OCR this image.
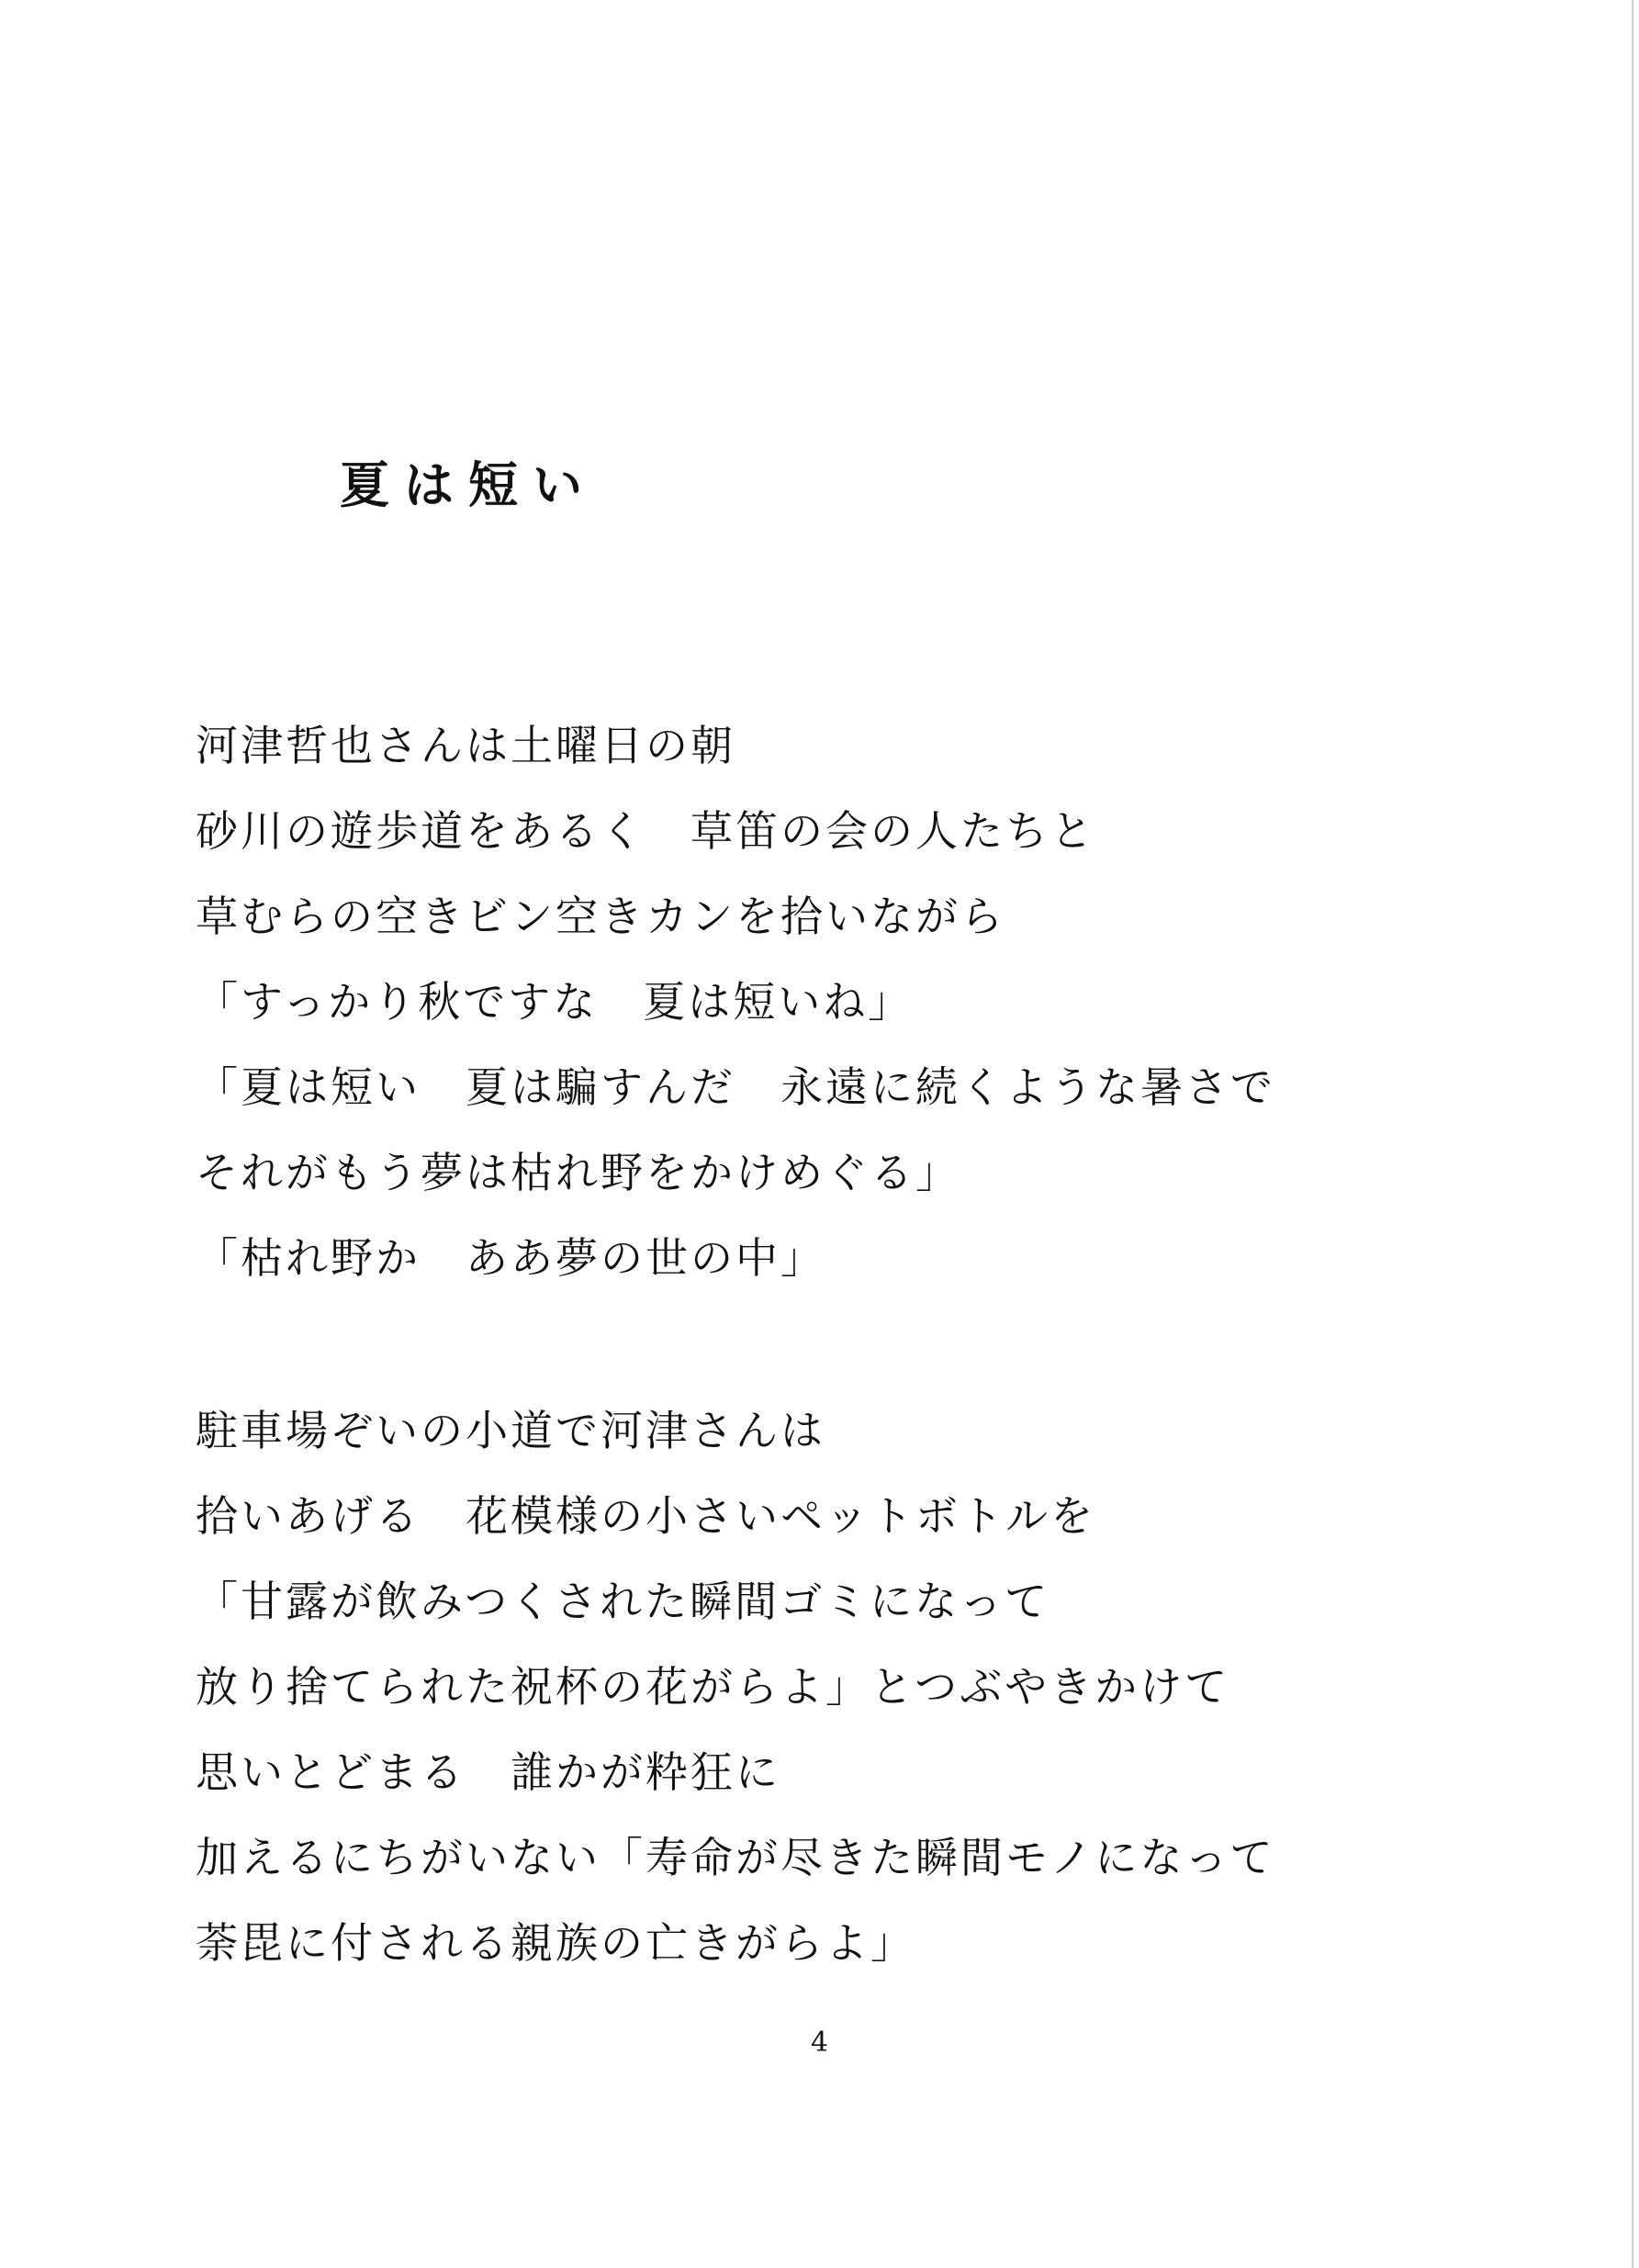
夏は短い
河津哲也さんは土曜日の朝
砂川の遊歩道をあるく　草笛の会の人たちと
草むらの空きビン空きカンを拾いながら
「すっかり秋ですな　夏は短いね」
「夏は短い　夏は騙すんだ　永遠に続くような暑さで
それがもう夢は枯れ野をかけめぐる」
「枯れ野か　ああ夢の世の中」
駐車場ぞいの小道で河津さんは
拾いあげる　花模様の小さいペットボトルを
「甘露が飲みつくされた瞬間ゴミになって
放り捨てられた祝杯の花がらよ」とつぶやきかけて
思いとどまる　誰かが粋狂に
加えるにちがいない「寿命が尽きた瞬間モノになって
荼毘に付される親族の亡きがらよ」
4
